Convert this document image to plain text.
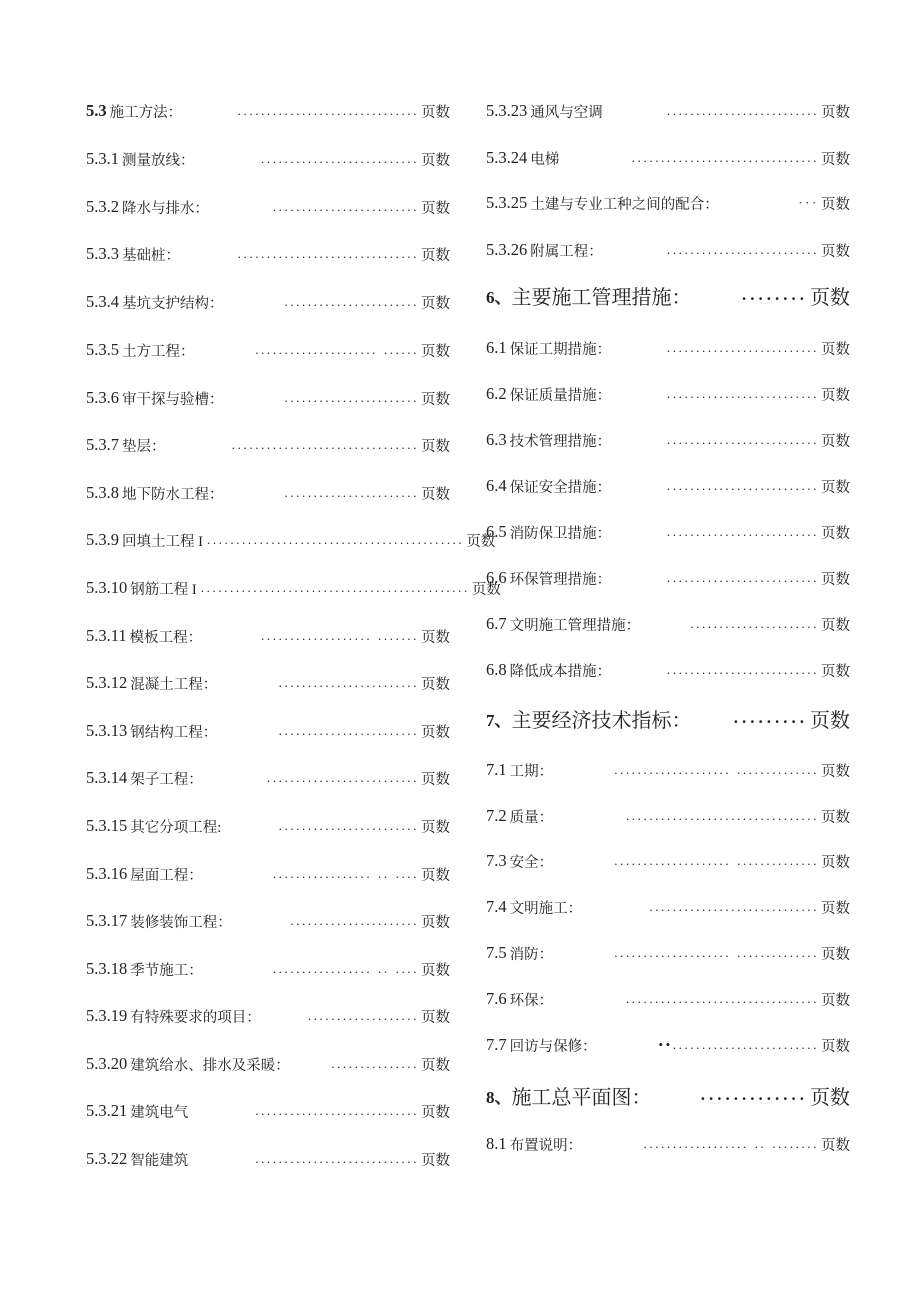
5.3 施工方法：	............................... 页数
5.3.1 测量放线：	........................... 页数
5.3.2 降水与排水：	......................... 页数
5.3.3 基础桩：	............................... 页数
5.3.4 基坑支护结构：	....................... 页数
5.3.5 土方工程：	...... ..................... 页数
5.3.6 审干探与验槽：	....................... 页数
5.3.7 垫层：	................................ 页数
5.3.8 地下防水工程：	....................... 页数
5.3.9 回填土工程 I ............................................ 页数
5.3.10 钢筋工程 I .............................................. 页数
5.3.11 模板工程：	....... ................... 页数
5.3.12 混凝土工程：	........................ 页数
5.3.13 钢结构工程：	........................ 页数
5.3.14 架子工程：	.......................... 页数
5.3.15 其它分项工程:	........................ 页数
5.3.16 屋面工程：	.... .. ................. 页数
5.3.17 装修装饰工程：	...................... 页数
5.3.18 季节施工：	.... .. ................. 页数
5.3.19 有特殊要求的项目：	................... 页数
5.3.20 建筑给水、排水及采暖：	............... 页数
5.3.21 建筑电气	............................ 页数
5.3.22 智能建筑	............................ 页数
5.3.23 通风与空调	.......................... 页数
5.3.24 电梯	................................ 页数
5.3.25 土建与专业工种之间的配合：	··· 页数
5.3.26 附属工程：	.......................... 页数
6、 主要施工管理措施：	........ 页数
6.1 保证工期措施：	.......................... 页数
6.2 保证质量措施：	.......................... 页数
6.3 技术管理措施：	.......................... 页数
6.4 保证安全措施：	.......................... 页数
6.5 消防保卫措施：	.......................... 页数
6.6 环保管理措施：	.......................... 页数
6.7 文明施工管理措施：	...................... 页数
6.8 降低成本措施：	.......................... 页数
7、 主要经济技术指标：	......... 页数
7.1 工期：	.............. .................... 页数
7.2 质量：	................................. 页数
7.3 安全：	.............. .................... 页数
7.4 文明施工：	............................. 页数
7.5 消防：	.............. .................... 页数
7.6 环保：	................................. 页数
7.7 回访与保修：	.........................•• 页数
8、 施工总平面图：	............. 页数
8.1 布置说明：	........ .. .................. 页数
